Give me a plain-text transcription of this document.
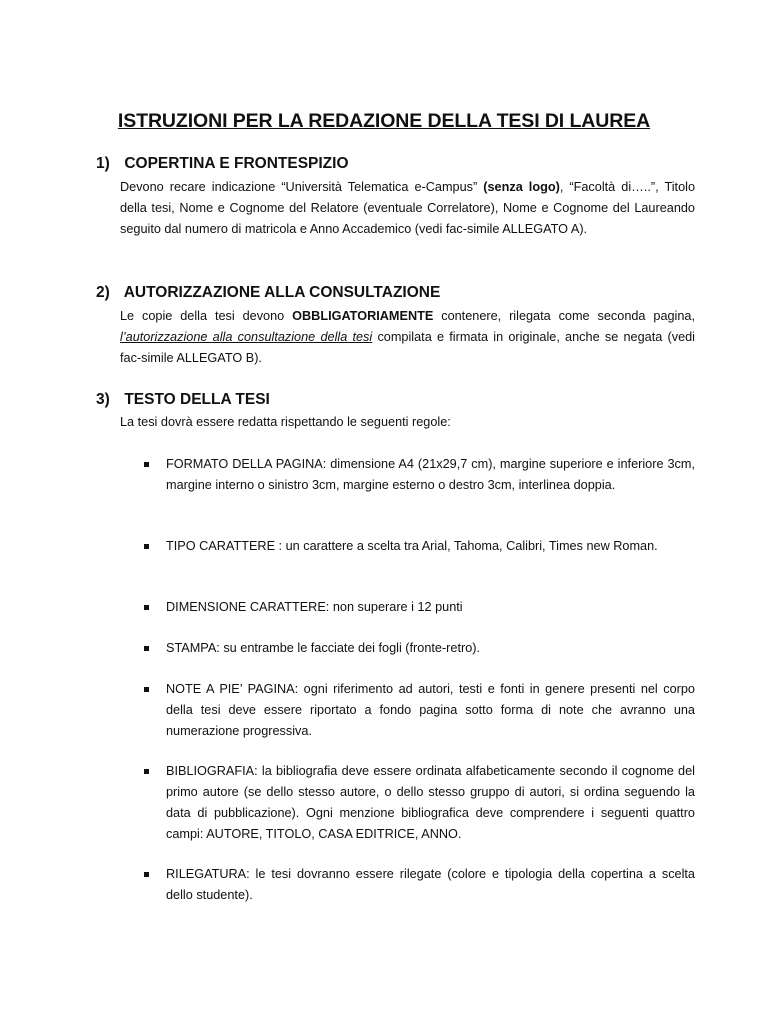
ISTRUZIONI PER LA REDAZIONE DELLA TESI DI LAUREA
1) COPERTINA E FRONTESPIZIO
Devono recare indicazione “Università Telematica e-Campus” (senza logo), “Facoltà di…..”, Titolo della tesi, Nome e Cognome del Relatore (eventuale Correlatore), Nome e Cognome del Laureando seguito dal numero di matricola e Anno Accademico (vedi fac-simile ALLEGATO A).
2) AUTORIZZAZIONE ALLA CONSULTAZIONE
Le copie della tesi devono OBBLIGATORIAMENTE contenere, rilegata come seconda pagina, l’autorizzazione alla consultazione della tesi compilata e firmata in originale, anche se negata (vedi fac-simile ALLEGATO B).
3) TESTO DELLA TESI
La tesi dovrà essere redatta rispettando le seguenti regole:
FORMATO DELLA PAGINA: dimensione A4 (21x29,7 cm), margine superiore e inferiore 3cm, margine interno o sinistro 3cm, margine esterno o destro 3cm, interlinea doppia.
TIPO CARATTERE : un carattere a scelta tra Arial, Tahoma, Calibri, Times new Roman.
DIMENSIONE CARATTERE: non superare i 12 punti
STAMPA: su entrambe le facciate dei fogli (fronte-retro).
NOTE A PIE’ PAGINA: ogni riferimento ad autori, testi e fonti in genere presenti nel corpo della tesi deve essere riportato a fondo pagina sotto forma di note che avranno una numerazione progressiva.
BIBLIOGRAFIA: la bibliografia deve essere ordinata alfabeticamente secondo il cognome del primo autore (se dello stesso autore, o dello stesso gruppo di autori, si ordina seguendo la data di pubblicazione). Ogni menzione bibliografica deve comprendere i seguenti quattro campi: AUTORE, TITOLO, CASA EDITRICE, ANNO.
RILEGATURA: le tesi dovranno essere rilegate (colore e tipologia della copertina a scelta dello studente).
